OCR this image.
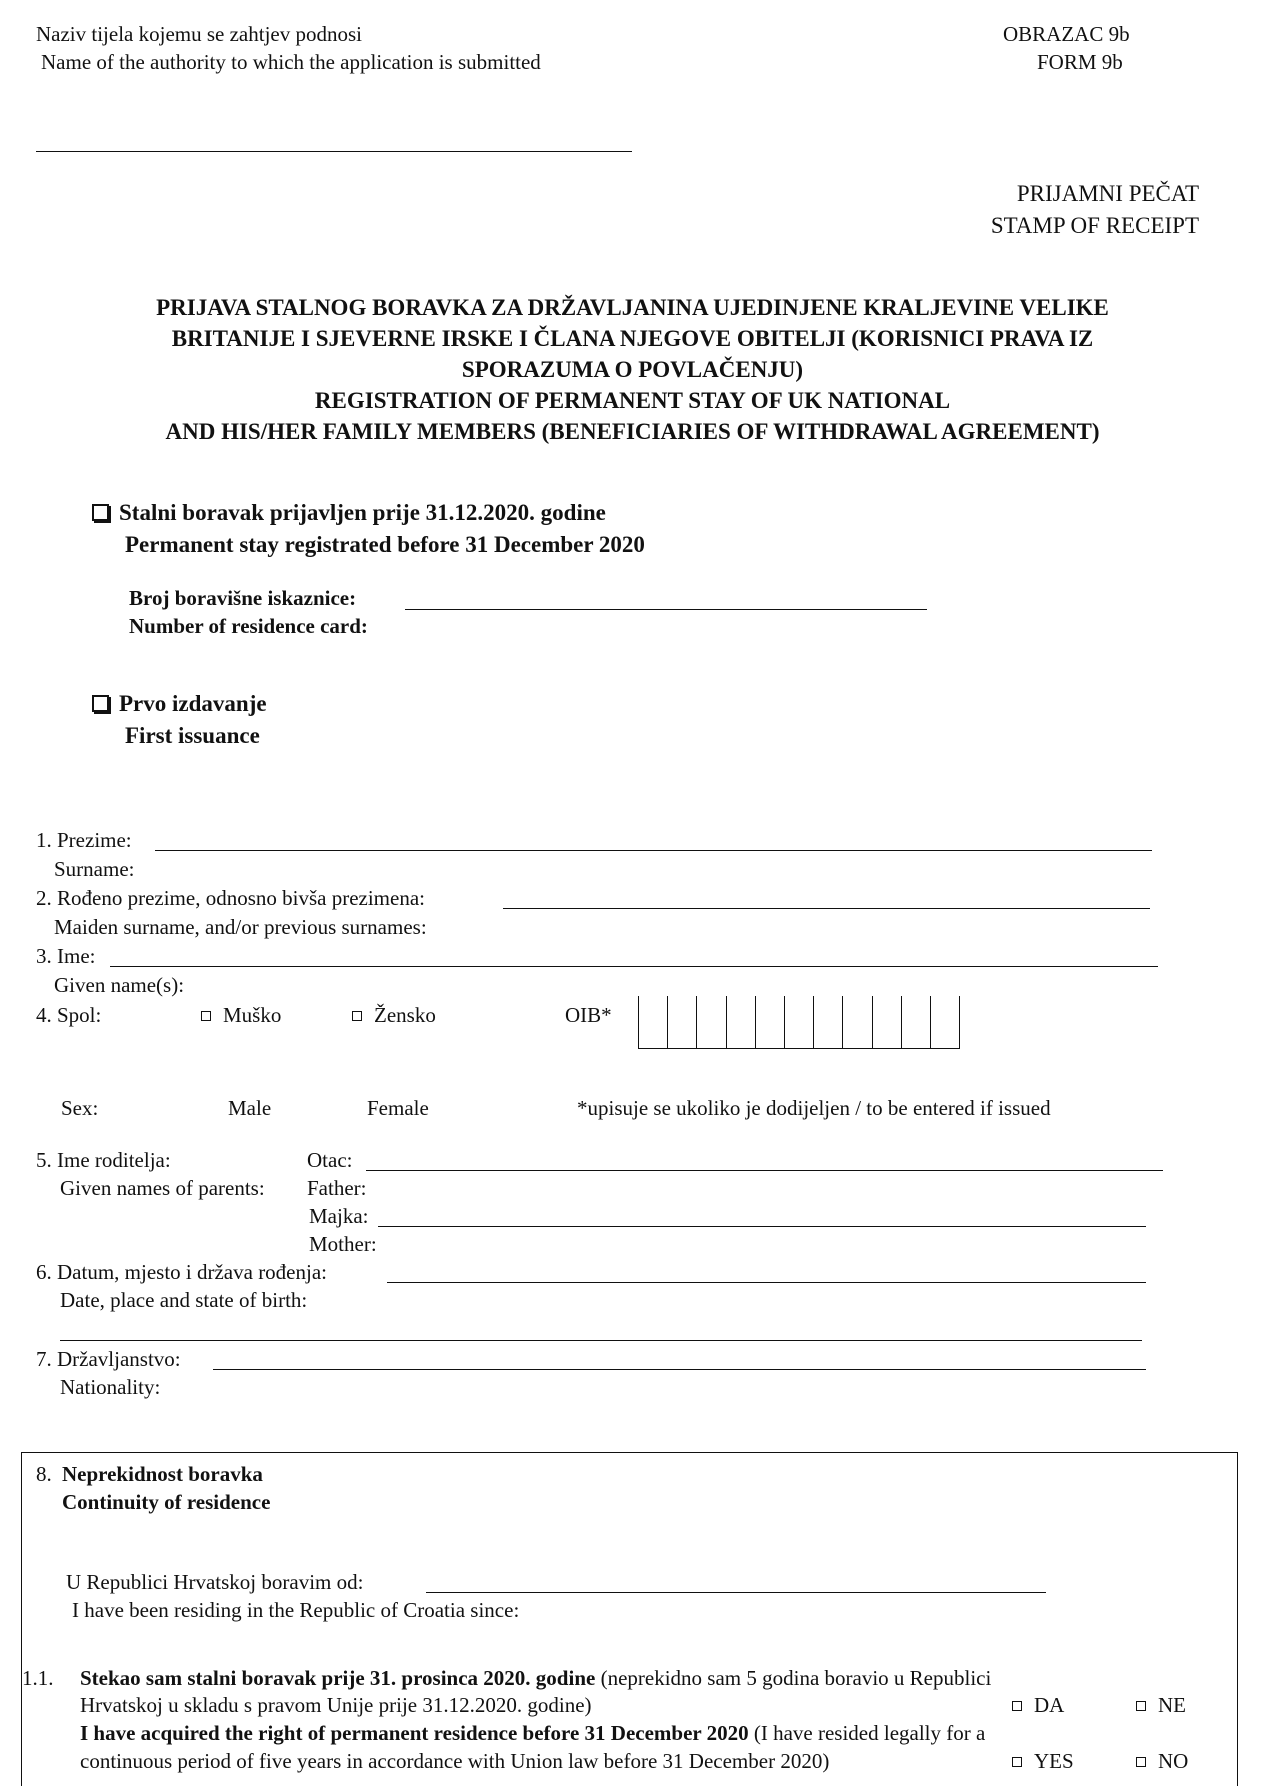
Naziv tijela kojemu se zahtjev podnosi
Name of the authority to which the application is submitted
OBRAZAC 9b
FORM 9b
PRIJAMNI PEČAT
STAMP OF RECEIPT
PRIJAVA STALNOG BORAVKA ZA DRŽAVLJANINA UJEDINJENE KRALJEVINE VELIKE
BRITANIJE I SJEVERNE IRSKE I ČLANA NJEGOVE OBITELJI (KORISNICI PRAVA IZ
SPORAZUMA O POVLAČENJU)
REGISTRATION OF PERMANENT STAY OF UK NATIONAL
AND HIS/HER FAMILY MEMBERS (BENEFICIARIES OF WITHDRAWAL AGREEMENT)
Stalni boravak prijavljen prije 31.12.2020. godine
Permanent stay registrated before 31 December 2020
Broj boravišne iskaznice:
Number of residence card:
Prvo izdavanje
First issuance
1. Prezime:
Surname:
2. Rođeno prezime, odnosno bivša prezimena:
Maiden surname, and/or previous surnames:
3. Ime:
Given name(s):
4. Spol:	Muško	Žensko	OIB*
Sex:	Male	Female	*upisuje se ukoliko je dodijeljen / to be entered if issued
5. Ime roditelja:	Otac:
Given names of parents: Father:
Majka:
Mother:
6. Datum, mjesto i država rođenja:
Date, place and state of birth:
7. Državljanstvo:
Nationality:
8. Neprekidnost boravka
Continuity of residence
U Republici Hrvatskoj boravim od:
I have been residing in the Republic of Croatia since:
1.1. Stekao sam stalni boravak prije 31. prosinca 2020. godine (neprekidno sam 5 godina boravio u Republici
Hrvatskoj u skladu s pravom Unije prije 31.12.2020. godine)	DA	NE
I have acquired the right of permanent residence before 31 December 2020 (I have resided legally for a
continuous period of five years in accordance with Union law before 31 December 2020)	YES	NO
